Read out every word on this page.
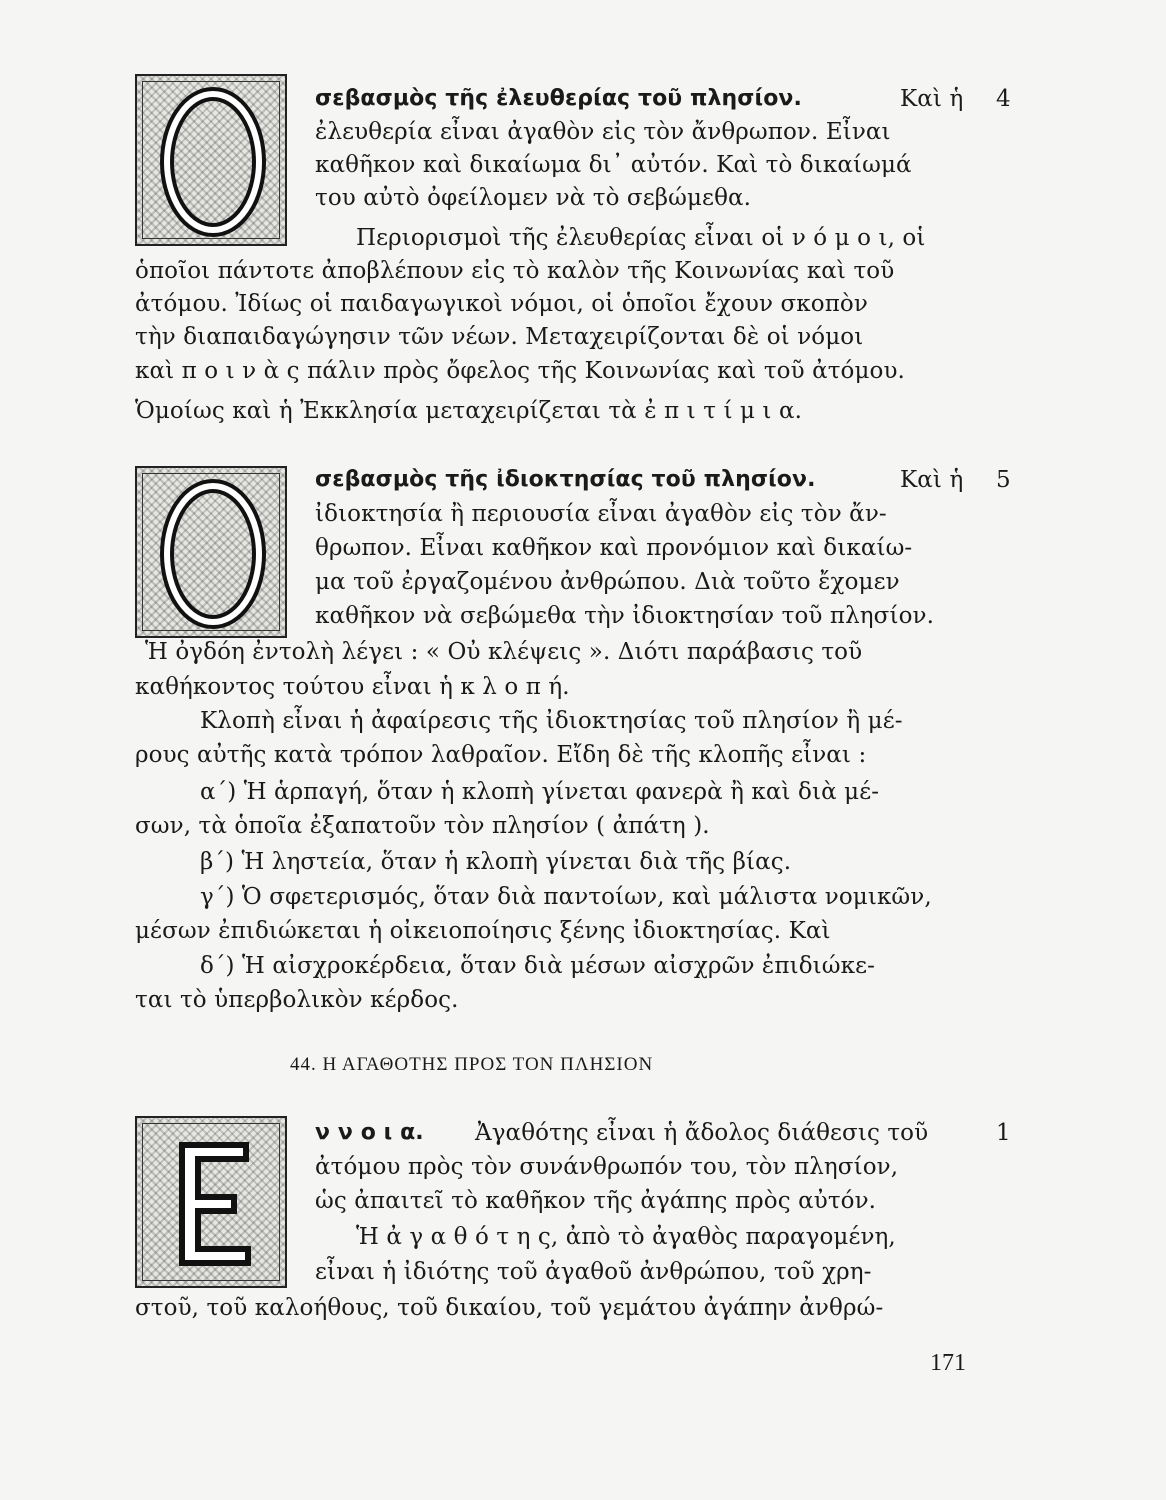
σεβασμὸς τῆς ἐλευθερίας τοῦ πλησίον.	Καὶ ἡ 4
ἐλευθερία εἶναι ἀγαθὸν εἰς τὸν ἄνθρωπον. Εἶναι
καθῆκον καὶ δικαίωμα δι᾽ αὐτόν. Καὶ τὸ δικαίωμά
του αὐτὸ ὀφείλομεν νὰ τὸ σεβώμεθα.
Περιορισμοὶ τῆς ἐλευθερίας εἶναι οἱ ν ό μ ο ι, οἱ
ὁποῖοι πάντοτε ἀποβλέπουν εἰς τὸ καλὸν τῆς Κοινωνίας καὶ τοῦ
ἀτόμου. Ἰδίως οἱ παιδαγωγικοὶ νόμοι, οἱ ὁποῖοι ἔχουν σκοπὸν
τὴν διαπαιδαγώγησιν τῶν νέων. Μεταχειρίζονται δὲ οἱ νόμοι
καὶ π ο ι ν ὰ ς πάλιν πρὸς ὄφελος τῆς Κοινωνίας καὶ τοῦ ἀτόμου.
Ὁμοίως καὶ ἡ Ἐκκλησία μεταχειρίζεται τὰ ἐ π ι τ ί μ ι α.
σεβασμὸς τῆς ἰδιοκτησίας τοῦ πλησίον.	Καὶ ἡ 5
ἰδιοκτησία ἢ περιουσία εἶναι ἀγαθὸν εἰς τὸν ἄν-
θρωπον. Εἶναι καθῆκον καὶ προνόμιον καὶ δικαίω-
μα τοῦ ἐργαζομένου ἀνθρώπου. Διὰ τοῦτο ἔχομεν
καθῆκον νὰ σεβώμεθα τὴν ἰδιοκτησίαν τοῦ πλησίον.
Ἡ ὀγδόη ἐντολὴ λέγει : « Οὐ κλέψεις ». Διότι παράβασις τοῦ
καθήκοντος τούτου εἶναι ἡ κ λ ο π ή.
Κλοπὴ εἶναι ἡ ἀφαίρεσις τῆς ἰδιοκτησίας τοῦ πλησίον ἢ μέ-
ρους αὐτῆς κατὰ τρόπον λαθραῖον. Εἴδη δὲ τῆς κλοπῆς εἶναι :
α΄) Ἡ ἁρπαγή, ὅταν ἡ κλοπὴ γίνεται φανερὰ ἢ καὶ διὰ μέ-
σων, τὰ ὁποῖα ἐξαπατοῦν τὸν πλησίον ( ἀπάτη ).
β΄) Ἡ ληστεία, ὅταν ἡ κλοπὴ γίνεται διὰ τῆς βίας.
γ΄) Ὁ σφετερισμός, ὅταν διὰ παντοίων, καὶ μάλιστα νομικῶν,
μέσων ἐπιδιώκεται ἡ οἰκειοποίησις ξένης ἰδιοκτησίας. Καὶ
δ΄) Ἡ αἰσχροκέρδεια, ὅταν διὰ μέσων αἰσχρῶν ἐπιδιώκε-
ται τὸ ὑπερβολικὸν κέρδος.
44. Η ΑΓΑΘΟΤΗΣ ΠΡΟΣ ΤΟΝ ΠΛΗΣΙΟΝ
ν ν ο ι α. Ἀγαθότης εἶναι ἡ ἄδολος διάθεσις τοῦ	1
ἀτόμου πρὸς τὸν συνάνθρωπόν του, τὸν πλησίον,
ὡς ἀπαιτεῖ τὸ καθῆκον τῆς ἀγάπης πρὸς αὐτόν.
Ἡ ἀ γ α θ ό τ η ς, ἀπὸ τὸ ἀγαθὸς παραγομένη,
εἶναι ἡ ἰδιότης τοῦ ἀγαθοῦ ἀνθρώπου, τοῦ χρη-
στοῦ, τοῦ καλοήθους, τοῦ δικαίου, τοῦ γεμάτου ἀγάπην ἀνθρώ-
171
